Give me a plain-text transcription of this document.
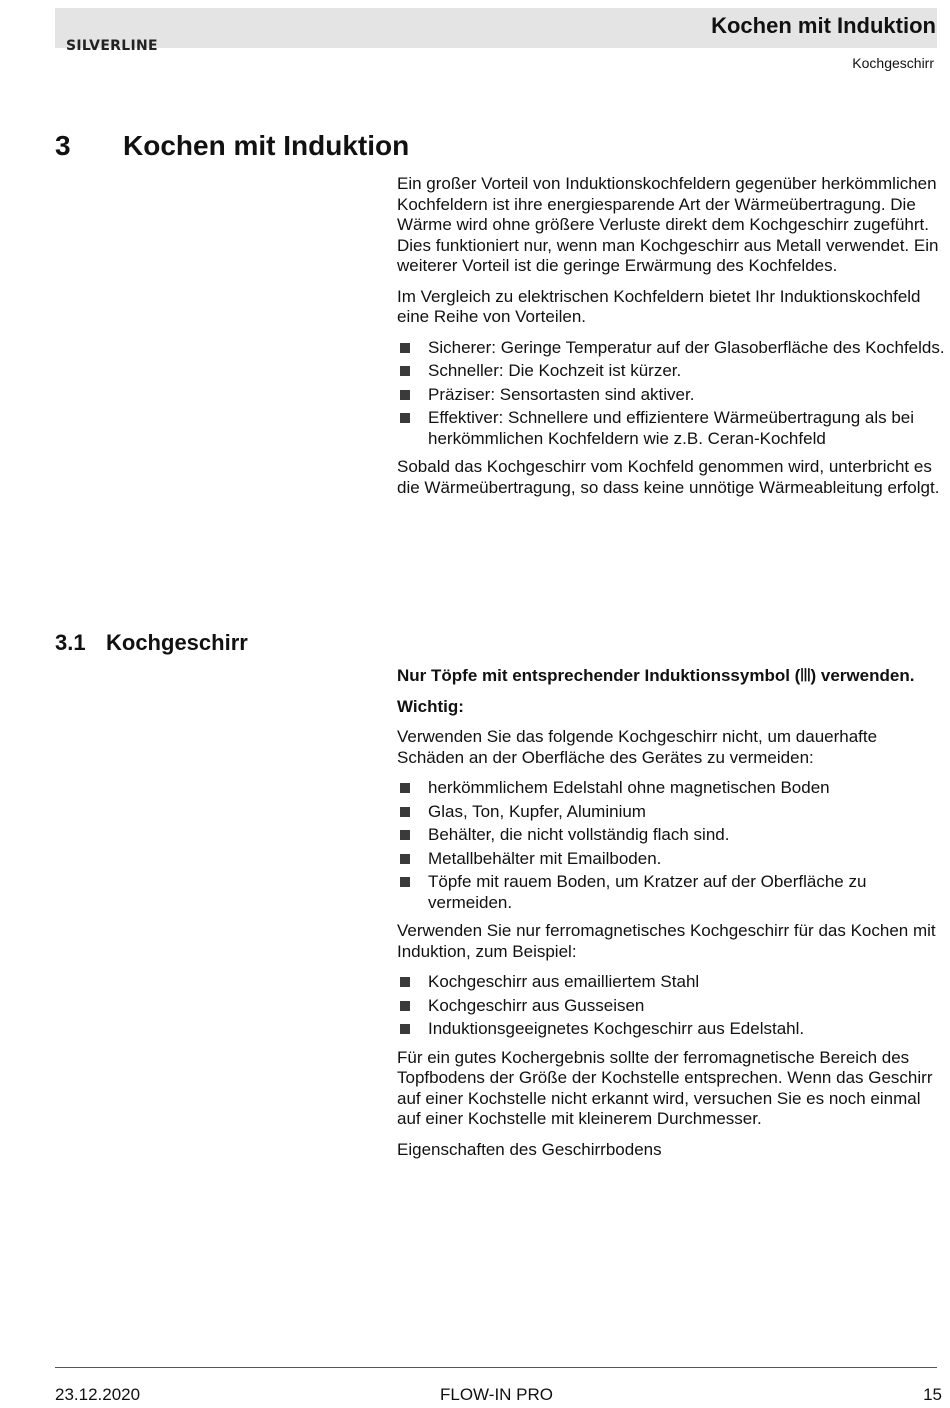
SILVERLINE
Kochen mit Induktion
Kochgeschirr
3 Kochen mit Induktion

Ein großer Vorteil von Induktionskochfeldern gegenüber herkömmlichen Kochfeldern ist ihre energiesparende Art der Wärmeübertragung. Die Wärme wird ohne größere Verluste direkt dem Kochgeschirr zugeführt. Dies funktioniert nur, wenn man Kochgeschirr aus Metall verwendet. Ein weiterer Vorteil ist die geringe Erwärmung des Kochfeldes.

Im Vergleich zu elektrischen Kochfeldern bietet Ihr Induktionskochfeld eine Reihe von Vorteilen.

Sicherer: Geringe Temperatur auf der Glasoberfläche des Kochfelds.
Schneller: Die Kochzeit ist kürzer.
Präziser: Sensortasten sind aktiver.
Effektiver: Schnellere und effizientere Wärmeübertragung als bei herkömmlichen Kochfeldern wie z.B. Ceran-Kochfeld

Sobald das Kochgeschirr vom Kochfeld genommen wird, unterbricht es die Wärmeübertragung, so dass keine unnötige Wärmeableitung erfolgt.

3.1 Kochgeschirr

Nur Töpfe mit entsprechender Induktionssymbol (ꔖ) verwenden.

Wichtig:

Verwenden Sie das folgende Kochgeschirr nicht, um dauerhafte Schäden an der Oberfläche des Gerätes zu vermeiden:

herkömmlichem Edelstahl ohne magnetischen Boden
Glas, Ton, Kupfer, Aluminium
Behälter, die nicht vollständig flach sind.
Metallbehälter mit Emailboden.
Töpfe mit rauem Boden, um Kratzer auf der Oberfläche zu vermeiden.

Verwenden Sie nur ferromagnetisches Kochgeschirr für das Kochen mit Induktion, zum Beispiel:

Kochgeschirr aus emailliertem Stahl
Kochgeschirr aus Gusseisen
Induktionsgeeignetes Kochgeschirr aus Edelstahl.

Für ein gutes Kochergebnis sollte der ferromagnetische Bereich des Topfbodens der Größe der Kochstelle entsprechen. Wenn das Geschirr auf einer Kochstelle nicht erkannt wird, versuchen Sie es noch einmal auf einer Kochstelle mit kleinerem Durchmesser.

Eigenschaften des Geschirrbodens

23.12.2020	FLOW-IN PRO	15
